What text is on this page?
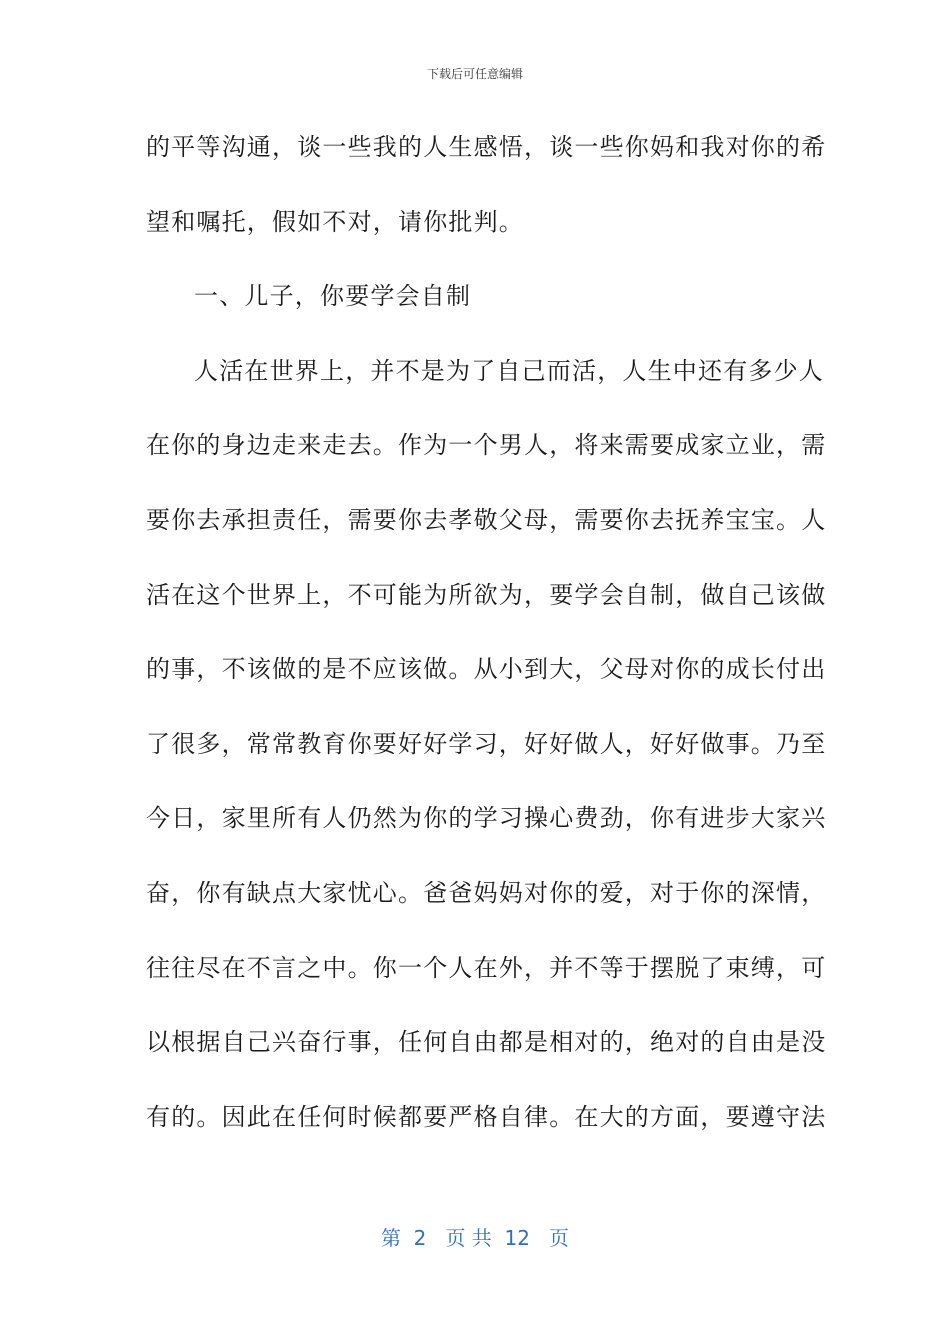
下载后可任意编辑
的平等沟通，谈一些我的人生感悟，谈一些你妈和我对你的希
望和嘱托，假如不对，请你批判。
一、儿子，你要学会自制
人活在世界上，并不是为了自己而活，人生中还有多少人
在你的身边走来走去。作为一个男人，将来需要成家立业，需
要你去承担责任，需要你去孝敬父母，需要你去抚养宝宝。人
活在这个世界上，不可能为所欲为，要学会自制，做自己该做
的事，不该做的是不应该做。从小到大，父母对你的成长付出
了很多，常常教育你要好好学习，好好做人，好好做事。乃至
今日，家里所有人仍然为你的学习操心费劲，你有进步大家兴
奋，你有缺点大家忧心。爸爸妈妈对你的爱，对于你的深情，
往往尽在不言之中。你一个人在外，并不等于摆脱了束缚，可
以根据自己兴奋行事，任何自由都是相对的，绝对的自由是没
有的。因此在任何时候都要严格自律。在大的方面，要遵守法
第  2   页 共  12   页
